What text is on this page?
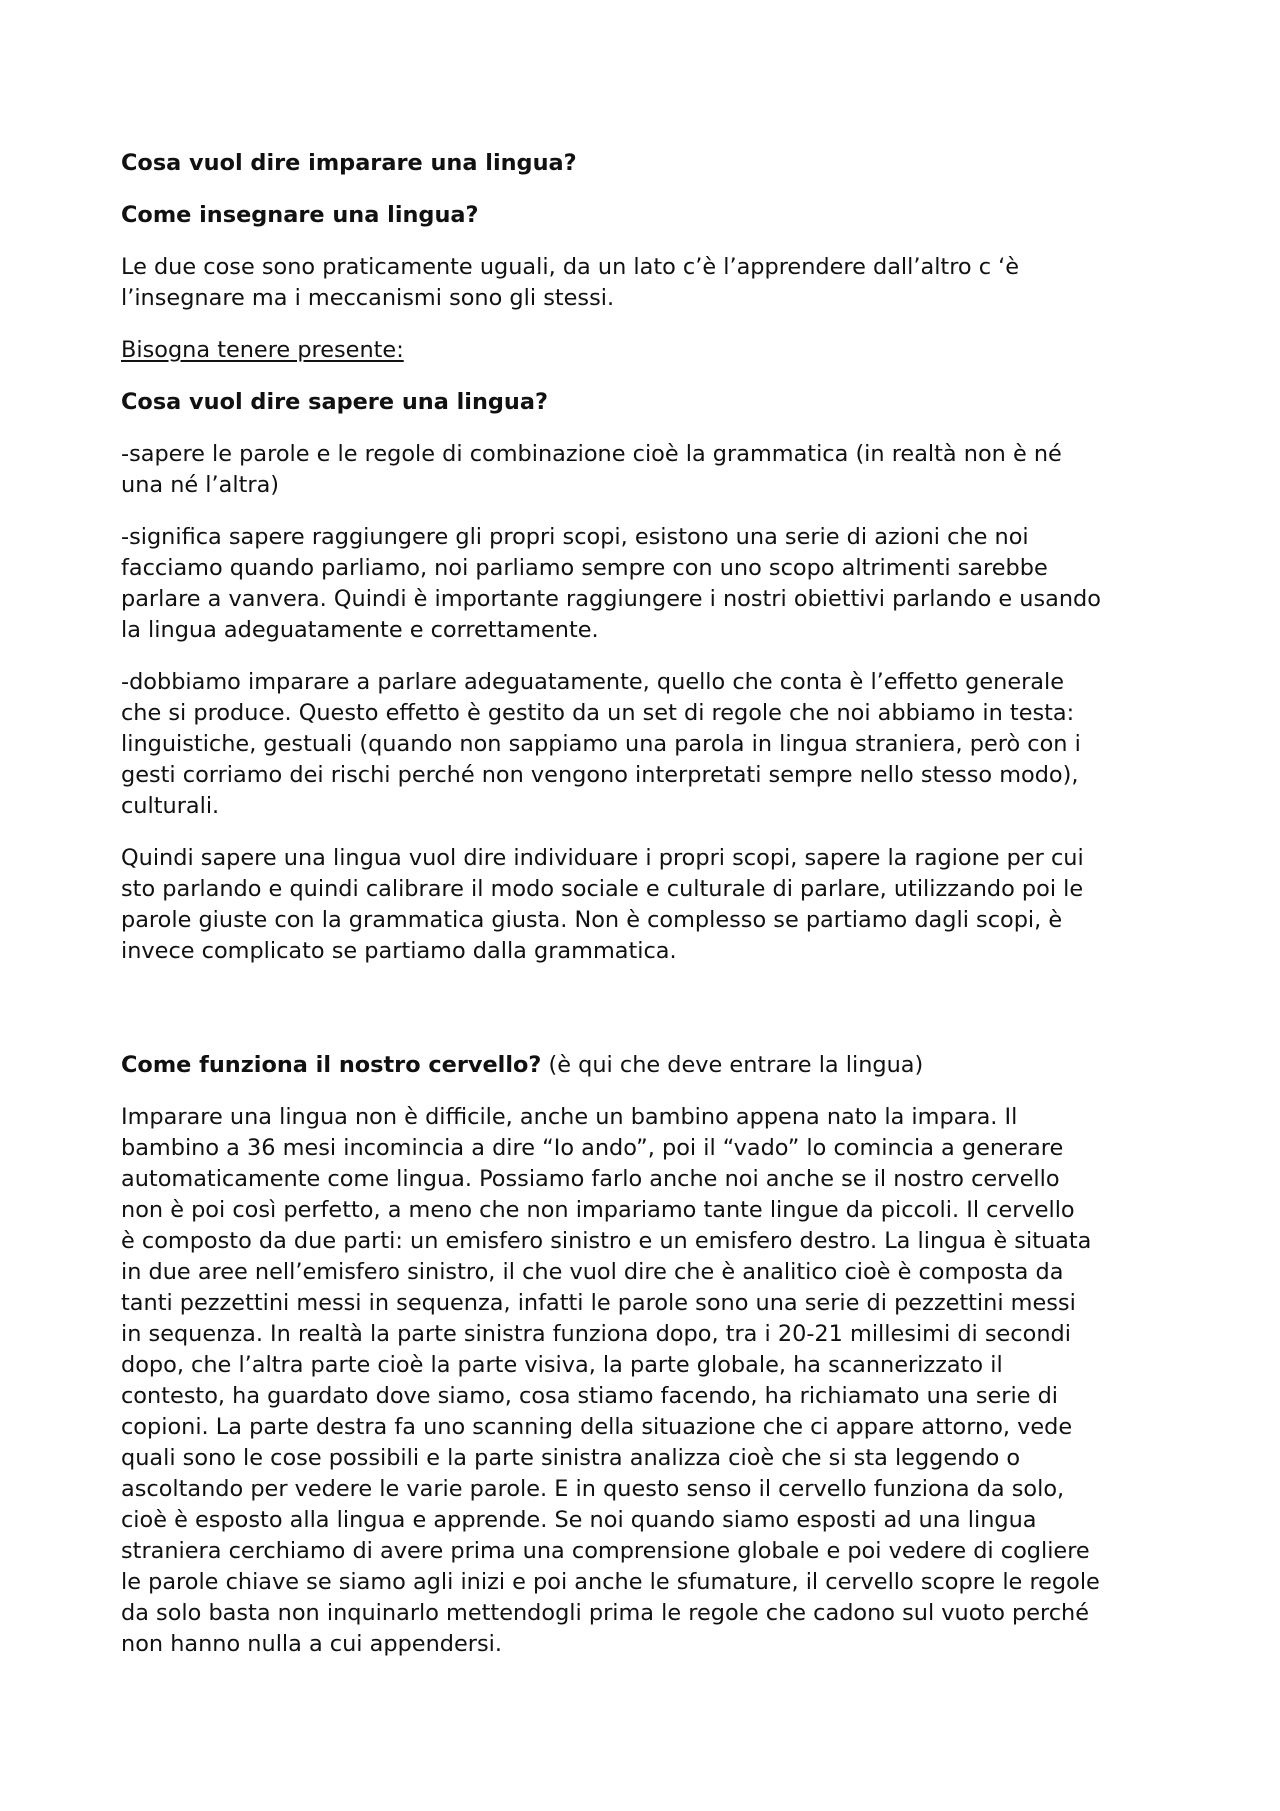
Cosa vuol dire imparare una lingua?

Come insegnare una lingua?

Le due cose sono praticamente uguali, da un lato c’è l’apprendere dall’altro c ‘è
l’insegnare ma i meccanismi sono gli stessi.

Bisogna tenere presente:

Cosa vuol dire sapere una lingua?

-sapere le parole e le regole di combinazione cioè la grammatica (in realtà non è né
una né l’altra)

-significa sapere raggiungere gli propri scopi, esistono una serie di azioni che noi
facciamo quando parliamo, noi parliamo sempre con uno scopo altrimenti sarebbe
parlare a vanvera. Quindi è importante raggiungere i nostri obiettivi parlando e usando
la lingua adeguatamente e correttamente.

-dobbiamo imparare a parlare adeguatamente, quello che conta è l’effetto generale
che si produce. Questo effetto è gestito da un set di regole che noi abbiamo in testa:
linguistiche, gestuali (quando non sappiamo una parola in lingua straniera, però con i
gesti corriamo dei rischi perché non vengono interpretati sempre nello stesso modo),
culturali.

Quindi sapere una lingua vuol dire individuare i propri scopi, sapere la ragione per cui
sto parlando e quindi calibrare il modo sociale e culturale di parlare, utilizzando poi le
parole giuste con la grammatica giusta. Non è complesso se partiamo dagli scopi, è
invece complicato se partiamo dalla grammatica.

Come funziona il nostro cervello? (è qui che deve entrare la lingua)

Imparare una lingua non è difficile, anche un bambino appena nato la impara. Il
bambino a 36 mesi incomincia a dire “Io ando”, poi il “vado” lo comincia a generare
automaticamente come lingua. Possiamo farlo anche noi anche se il nostro cervello
non è poi così perfetto, a meno che non impariamo tante lingue da piccoli. Il cervello
è composto da due parti: un emisfero sinistro e un emisfero destro. La lingua è situata
in due aree nell’emisfero sinistro, il che vuol dire che è analitico cioè è composta da
tanti pezzettini messi in sequenza, infatti le parole sono una serie di pezzettini messi
in sequenza. In realtà la parte sinistra funziona dopo, tra i 20-21 millesimi di secondi
dopo, che l’altra parte cioè la parte visiva, la parte globale, ha scannerizzato il
contesto, ha guardato dove siamo, cosa stiamo facendo, ha richiamato una serie di
copioni. La parte destra fa uno scanning della situazione che ci appare attorno, vede
quali sono le cose possibili e la parte sinistra analizza cioè che si sta leggendo o
ascoltando per vedere le varie parole. E in questo senso il cervello funziona da solo,
cioè è esposto alla lingua e apprende. Se noi quando siamo esposti ad una lingua
straniera cerchiamo di avere prima una comprensione globale e poi vedere di cogliere
le parole chiave se siamo agli inizi e poi anche le sfumature, il cervello scopre le regole
da solo basta non inquinarlo mettendogli prima le regole che cadono sul vuoto perché
non hanno nulla a cui appendersi.
